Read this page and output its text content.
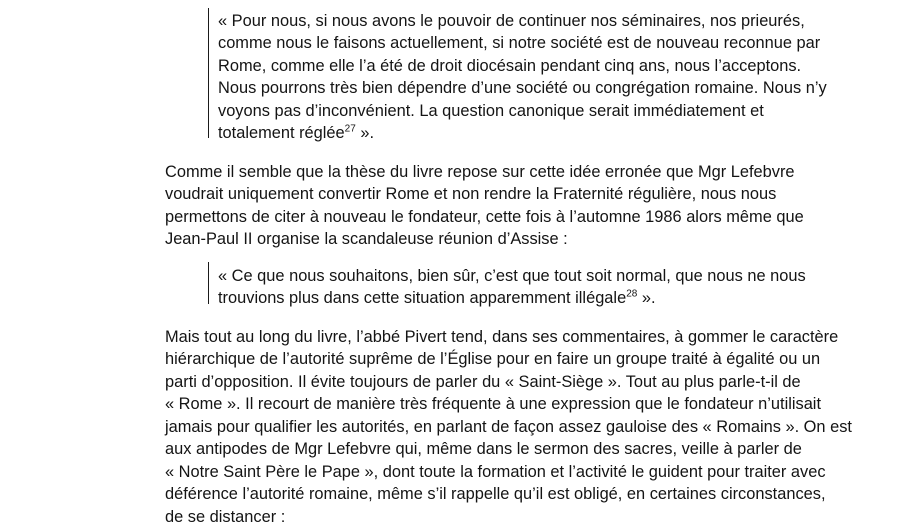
« Pour nous, si nous avons le pouvoir de continuer nos séminaires, nos prieurés,
comme nous le faisons actuellement, si notre société est de nouveau reconnue par
Rome, comme elle l’a été de droit diocésain pendant cinq ans, nous l’acceptons.
Nous pourrons très bien dépendre d’une société ou congrégation romaine. Nous n’y
voyons pas d’inconvénient. La question canonique serait immédiatement et
totalement réglée$^{27}$ ».
Comme il semble que la thèse du livre repose sur cette idée erronée que Mgr Lefebvre
voudrait uniquement convertir Rome et non rendre la Fraternité régulière, nous nous
permettons de citer à nouveau le fondateur, cette fois à l’automne 1986 alors même que
Jean-Paul II organise la scandaleuse réunion d’Assise :
« Ce que nous souhaitons, bien sûr, c’est que tout soit normal, que nous ne nous
trouvions plus dans cette situation apparemment illégale$^{28}$ ».
Mais tout au long du livre, l’abbé Pivert tend, dans ses commentaires, à gommer le caractère
hiérarchique de l’autorité suprême de l’Église pour en faire un groupe traité à égalité ou un
parti d’opposition. Il évite toujours de parler du « Saint-Siège ». Tout au plus parle-t-il de
« Rome ». Il recourt de manière très fréquente à une expression que le fondateur n’utilisait
jamais pour qualifier les autorités, en parlant de façon assez gauloise des « Romains ». On est
aux antipodes de Mgr Lefebvre qui, même dans le sermon des sacres, veille à parler de
« Notre Saint Père le Pape », dont toute la formation et l’activité le guident pour traiter avec
déférence l’autorité romaine, même s’il rappelle qu’il est obligé, en certaines circonstances,
de se distancer :
